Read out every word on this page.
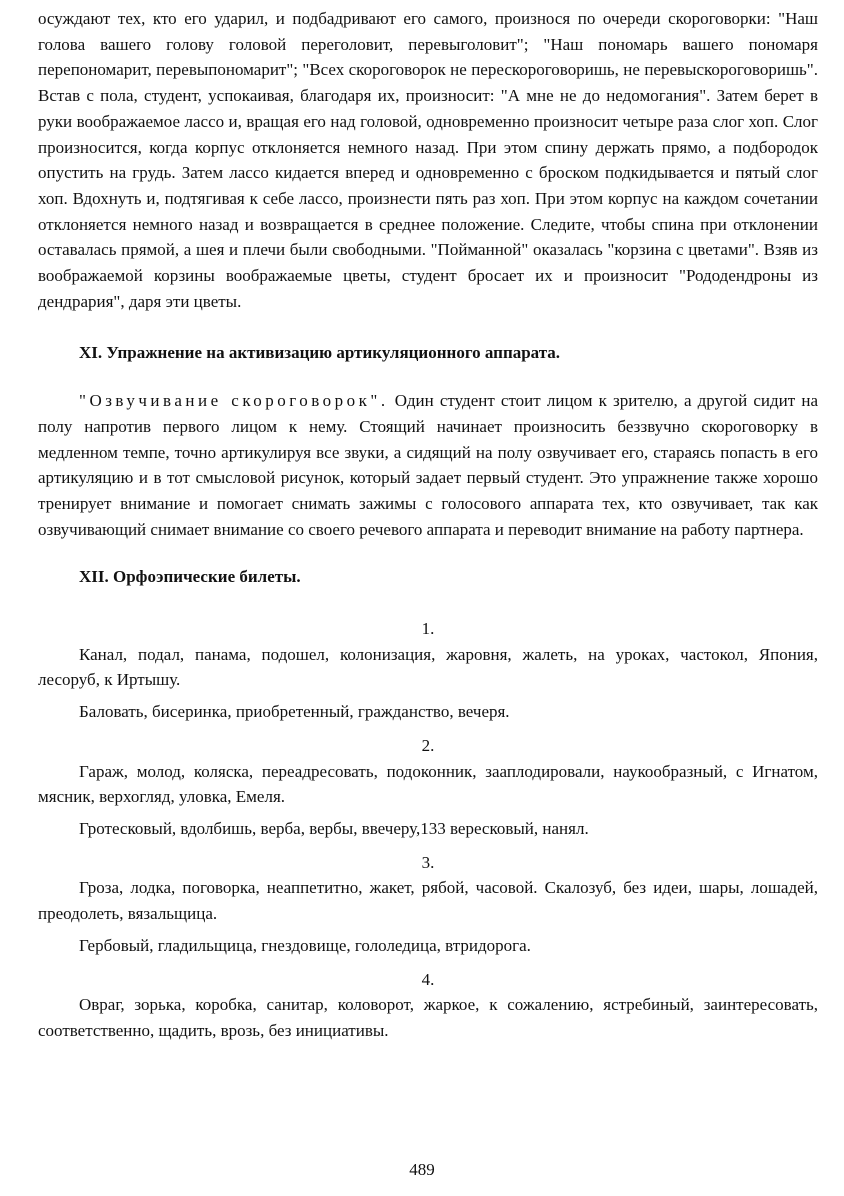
осуждают тех, кто его ударил, и подбадривают его самого, произнося по очереди скороговорки: "Наш голова вашего голову головой переголовит, перевыголовит"; "Наш пономарь вашего пономаря перепономарит, перевыпономарит"; "Всех скороговорок не перескороговоришь, не перевыскороговоришь". Встав с пола, студент, успокаивая, благодаря их, произносит: "А мне не до недомогания". Затем берет в руки воображаемое лассо и, вращая его над головой, одновременно произносит четыре раза слог хоп. Слог произносится, когда корпус отклоняется немного назад. При этом спину держать прямо, а подбородок опустить на грудь. Затем лассо кидается вперед и одновременно с броском подкидывается и пятый слог хоп. Вдохнуть и, подтягивая к себе лассо, произнести пять раз хоп. При этом корпус на каждом сочетании отклоняется немного назад и возвращается в среднее положение. Следите, чтобы спина при отклонении оставалась прямой, а шея и плечи были свободными. "Пойманной" оказалась "корзина с цветами". Взяв из воображаемой корзины воображаемые цветы, студент бросает их и произносит "Рододендроны из дендрария", даря эти цветы.

XI. Упражнение на активизацию артикуляционного аппарата.

"Озвучивание скороговорок". Один студент стоит лицом к зрителю, а другой сидит на полу напротив первого лицом к нему. Стоящий начинает произносить беззвучно скороговорку в медленном темпе, точно артикулируя все звуки, а сидящий на полу озвучивает его, стараясь попасть в его артикуляцию и в тот смысловой рисунок, который задает первый студент. Это упражнение также хорошо тренирует внимание и помогает снимать зажимы с голосового аппарата тех, кто озвучивает, так как озвучивающий снимает внимание со своего речевого аппарата и переводит внимание на работу партнера.

XII. Орфоэпические билеты.

1.

Канал, подал, панама, подошел, колонизация, жаровня, жалеть, на уроках, частокол, Япония, лесоруб, к Иртышу.

Баловать, бисеринка, приобретенный, гражданство, вечеря.

2.

Гараж, молод, коляска, переадресовать, подоконник, зааплодировали, наукообразный, с Игнатом, мясник, верхогляд, уловка, Емеля.

Гротесковый, вдолбишь, верба, вербы, ввечеру,133 вересковый, нанял.

3.

Гроза, лодка, поговорка, неаппетитно, жакет, рябой, часовой. Скалозуб, без идеи, шары, лошадей, преодолеть, вязальщица.

Гербовый, гладильщица, гнездовище, гололедица, втридорога.

4.

Овраг, зорька, коробка, санитар, коловорот, жаркое, к сожалению, ястребиный, заинтересовать, соответственно, щадить, врозь, без инициативы.

489
